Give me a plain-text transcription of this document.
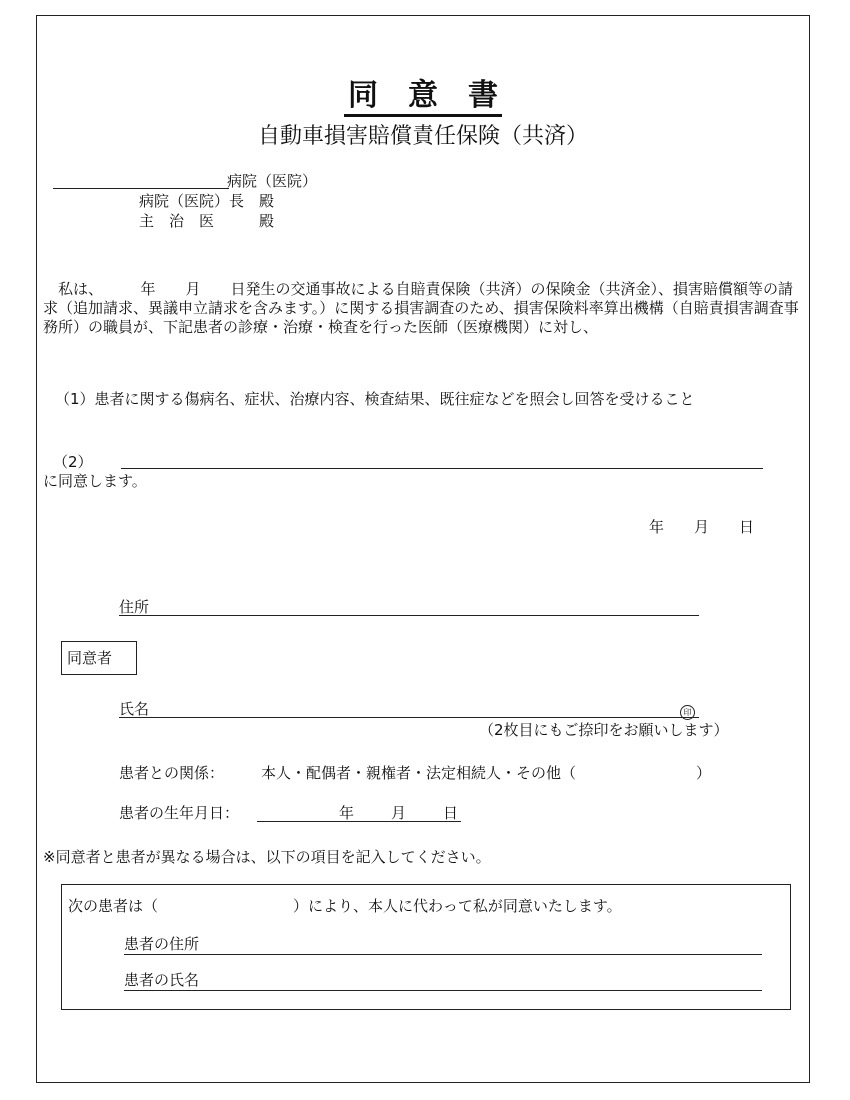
同　 意　 書
自動車損害賠償責任保険（共済）
病院（医院）
病院（医院）長　殿
主　治　医　　　殿
私は、　　　年　　月　　日発生の交通事故による自賠責保険（共済）の保険金（共済金）、損害賠償額等の請求（追加請求、異議申立請求を含みます。）に関する損害調査のため、損害保険料率算出機構（自賠責損害調査事務所）の職員が、下記患者の診療・治療・検査を行った医師（医療機関）に対し、
（1）患者に関する傷病名、症状、治療内容、検査結果、既往症などを照会し回答を受けること
（2）
に同意します。
年　　月　　日
住所
同意者
氏名	印
（2枚目にもご捺印をお願いします）
患者との関係： 本人・配偶者・親権者・法定相続人・その他（　　　　　　　　）
患者の生年月日：	年 月 日
※同意者と患者が異なる場合は、以下の項目を記入してください。
次の患者は（　　　　　　　　　）により、本人に代わって私が同意いたします。
患者の住所
患者の氏名
